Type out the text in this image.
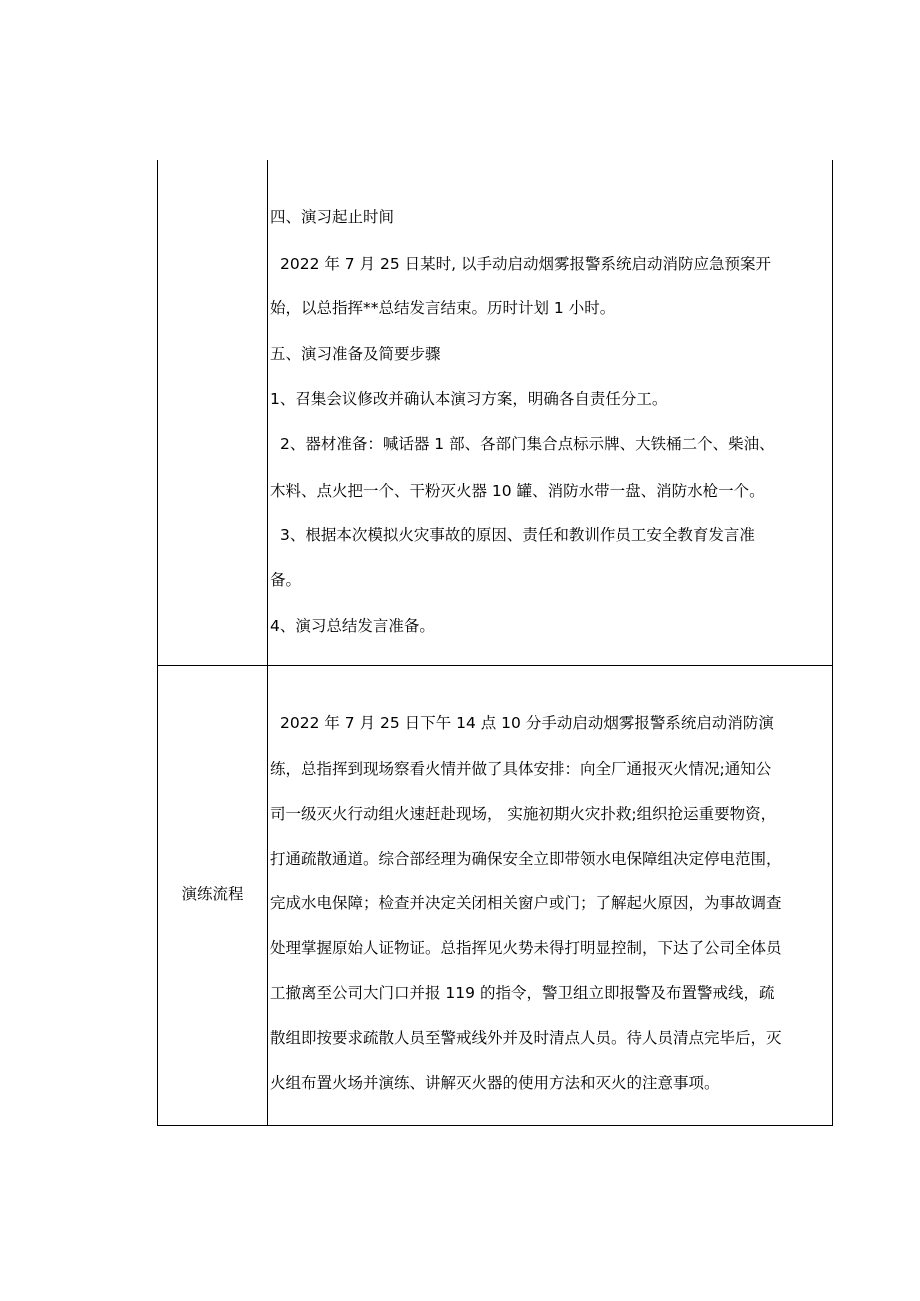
四、演习起止时间
2022 年 7 月 25 日某时, 以手动启动烟雾报警系统启动消防应急预案开
始，以总指挥**总结发言结束。历时计划 1 小时。
五、演习准备及简要步骤
1、召集会议修改并确认本演习方案，明确各自责任分工。
2、器材准备：喊话器 1 部、各部门集合点标示牌、大铁桶二个、柴油、
木料、点火把一个、干粉灭火器 10 罐、消防水带一盘、消防水枪一个。
3、根据本次模拟火灾事故的原因、责任和教训作员工安全教育发言准
备。
4、演习总结发言准备。
演练流程
2022 年 7 月 25 日下午 14 点 10 分手动启动烟雾报警系统启动消防演
练，总指挥到现场察看火情并做了具体安排：向全厂通报灭火情况;通知公
司一级灭火行动组火速赶赴现场， 实施初期火灾扑救;组织抢运重要物资，
打通疏散通道。综合部经理为确保安全立即带领水电保障组决定停电范围，
完成水电保障；检查并决定关闭相关窗户或门；了解起火原因，为事故调查
处理掌握原始人证物证。总指挥见火势未得打明显控制，下达了公司全体员
工撤离至公司大门口并报 119 的指令，警卫组立即报警及布置警戒线，疏
散组即按要求疏散人员至警戒线外并及时清点人员。待人员清点完毕后，灭
火组布置火场并演练、讲解灭火器的使用方法和灭火的注意事项。
